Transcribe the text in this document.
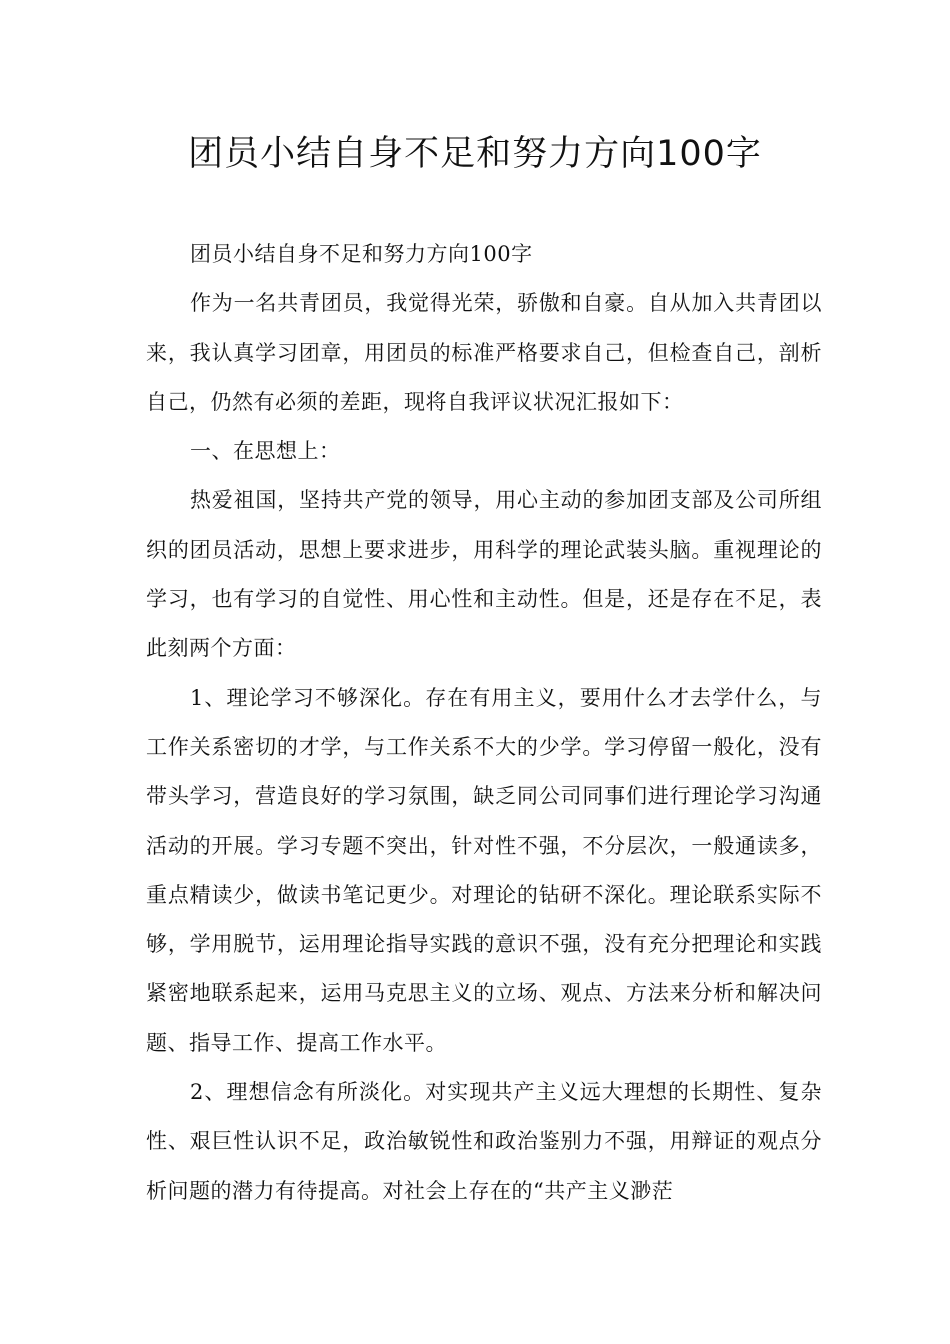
团员小结自身不足和努力方向100字

团员小结自身不足和努力方向100字

作为一名共青团员，我觉得光荣，骄傲和自豪。自从加入共青团以来，我认真学习团章，用团员的标准严格要求自己，但检查自己，剖析自己，仍然有必须的差距，现将自我评议状况汇报如下：

一、在思想上：

热爱祖国，坚持共产党的领导，用心主动的参加团支部及公司所组织的团员活动，思想上要求进步，用科学的理论武装头脑。重视理论的学习，也有学习的自觉性、用心性和主动性。但是，还是存在不足，表此刻两个方面：

1、理论学习不够深化。存在有用主义，要用什么才去学什么，与工作关系密切的才学，与工作关系不大的少学。学习停留一般化，没有带头学习，营造良好的学习氛围，缺乏同公司同事们进行理论学习沟通活动的开展。学习专题不突出，针对性不强，不分层次，一般通读多，重点精读少，做读书笔记更少。对理论的钻研不深化。理论联系实际不够，学用脱节，运用理论指导实践的意识不强，没有充分把理论和实践紧密地联系起来，运用马克思主义的立场、观点、方法来分析和解决问题、指导工作、提高工作水平。

2、理想信念有所淡化。对实现共产主义远大理想的长期性、复杂性、艰巨性认识不足，政治敏锐性和政治鉴别力不强，用辩证的观点分析问题的潜力有待提高。对社会上存在的“共产主义渺茫
